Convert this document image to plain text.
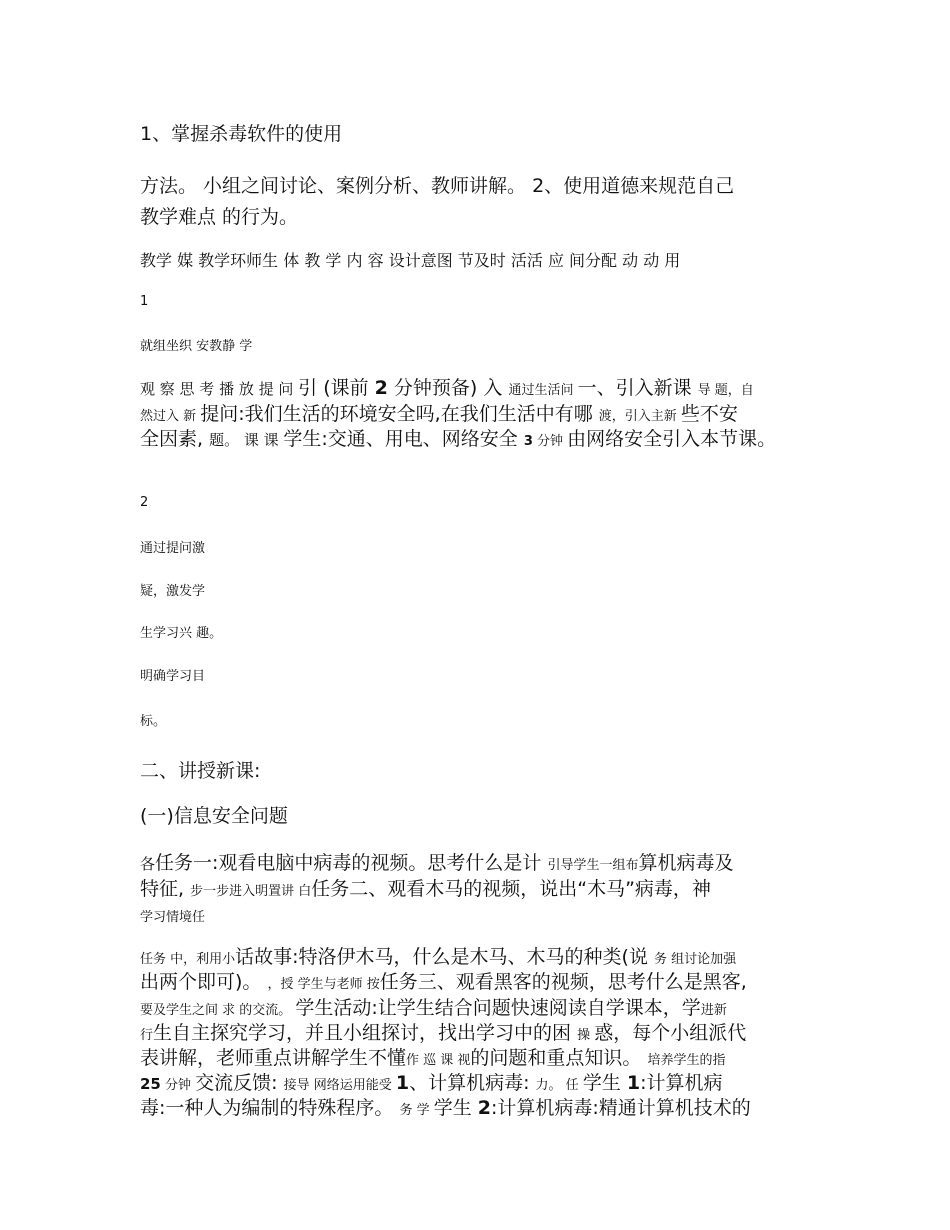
1、掌握杀毒软件的使用
方法。 小组之间讨论、案例分析、教师讲解。 2、使用道德来规范自己
教学难点 的行为。
教学 媒 教学环师生 体 教 学 内 容 设计意图 节及时 活活 应 间分配 动 动 用
1
就组坐织 安教静 学
观 察 思 考 播 放 提 问 引 (课前 2 分钟预备) 入 通过生活问 一、引入新课 导 题，自
然过入 新 提问:我们生活的环境安全吗,在我们生活中有哪 渡，引入主新 些不安
全因素, 题。 课 课 学生:交通、用电、网络安全 3 分钟 由网络安全引入本节课。
2
通过提问激
疑，激发学
生学习兴 趣。
明确学习目
标。
二、讲授新课:
(一)信息安全问题
各任务一:观看电脑中病毒的视频。思考什么是计 引导学生一组布算机病毒及
特征, 步一步进入明置讲 白任务二、观看木马的视频，说出“木马”病毒，神
学习情境任
任务 中，利用小话故事:特洛伊木马，什么是木马、木马的种类(说 务 组讨论加强
出两个即可)。 ，授 学生与老师 按任务三、观看黑客的视频，思考什么是黑客,
要及学生之间 求 的交流。 学生活动:让学生结合问题快速阅读自学课本，学进新
行生自主探究学习，并且小组探讨，找出学习中的困 操 惑，每个小组派代
表讲解，老师重点讲解学生不懂作 巡 课 视的问题和重点知识。 培养学生的指
25 分钟 交流反馈: 接导 网络运用能受 1、计算机病毒: 力。 任 学生 1:计算机病
毒:一种人为编制的特殊程序。 务 学 学生 2:计算机病毒:精通计算机技术的
